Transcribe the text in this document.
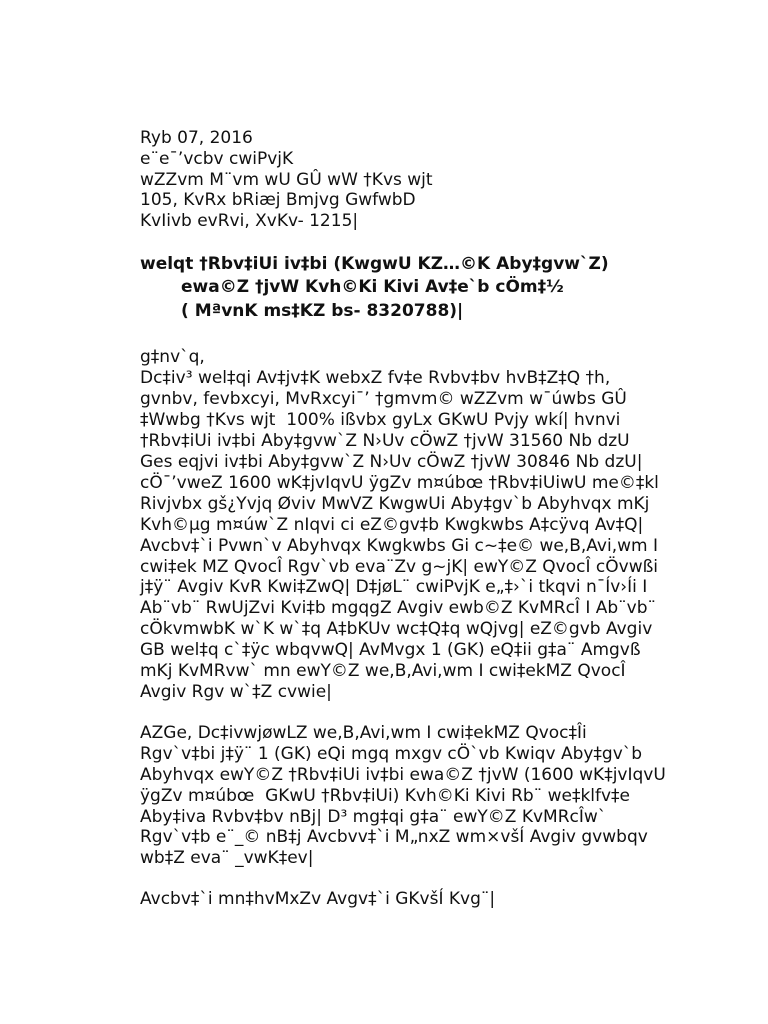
Ryb 07, 2016
e¨e¯’vcbv cwiPvjK
wZZvm M¨vm wU GÛ wW †Kvs wjt
105, KvRx bRiæj Bmjvg GwfwbD
KvIivb evRvi, XvKv- 1215|
welqt †Rbv‡iUi iv‡bi (KwgwU KZ…©K Aby‡gvw`Z)
ewa©Z †jvW Kvh©Ki Kivi Av‡e`b cÖm‡½
( MªvnK ms‡KZ bs- 8320788)|
g‡nv`q,
Dc‡iv³ wel‡qi Av‡jv‡K webxZ fv‡e Rvbv‡bv hvB‡Z‡Q †h,
gvnbv, fevbxcyi, MvRxcyi¯’ †gmvm© wZZvm w¯úwbs GÛ
‡Wwbg †Kvs wjt  100% ißvbx gyLx GKwU Pvjy wkí| hvnvi
†Rbv‡iUi iv‡bi Aby‡gvw`Z N›Uv cÖwZ †jvW 31560 Nb dzU
Ges eqjvi iv‡bi Aby‡gvw`Z N›Uv cÖwZ †jvW 30846 Nb dzU|
cÖ¯’vweZ 1600 wK‡jvIqvU ÿgZv m¤úbœ †Rbv‡iUiwU me©‡kl
Rivjvbx gš¿Yvjq Øviv MwVZ KwgwUi Aby‡gv`b Abyhvqx mKj
Kvh©µg m¤úw`Z nIqvi ci eZ©gv‡b Kwgkwbs A‡cÿvq Av‡Q|
Avcbv‡`i Pvwn`v Abyhvqx Kwgkwbs Gi c~‡e© we,B,Avi,wm I
cwi‡ek MZ QvocÎ Rgv`vb eva¨Zv g~jK| ewY©Z QvocÎ cÖvwßi
j‡ÿ¨ Avgiv KvR Kwi‡ZwQ| D‡jøL¨ cwiPvjK e„‡›`i tkqvi n¯Ív›Íi I
Ab¨vb¨ RwUjZvi Kvi‡b mgqgZ Avgiv ewb©Z KvMRcÎ I Ab¨vb¨
cÖkvmwbK w`K w`‡q A‡bKUv wc‡Q‡q wQjvg| eZ©gvb Avgiv
GB wel‡q c`‡ÿc wbqvwQ| AvMvgx 1 (GK) eQ‡ii g‡a¨ Amgvß
mKj KvMRvw` mn ewY©Z we,B,Avi,wm I cwi‡ekMZ QvocÎ
Avgiv Rgv w`‡Z cvwie|
AZGe, Dc‡ivwjøwLZ we,B,Avi,wm I cwi‡ekMZ Qvoc‡Îi
Rgv`v‡bi j‡ÿ¨ 1 (GK) eQi mgq mxgv cÖ`vb Kwiqv Aby‡gv`b
Abyhvqx ewY©Z †Rbv‡iUi iv‡bi ewa©Z †jvW (1600 wK‡jvIqvU
ÿgZv m¤úbœ  GKwU †Rbv‡iUi) Kvh©Ki Kivi Rb¨ we‡klfv‡e
Aby‡iva Rvbv‡bv nBj| D³ mg‡qi g‡a¨ ewY©Z KvMRcÎw`
Rgv`v‡b e¨_© nB‡j Avcbvv‡`i M„nxZ wm×všÍ Avgiv gvwbqv
wb‡Z eva¨ _vwK‡ev|
Avcbv‡`i mn‡hvMxZv Avgv‡`i GKvšÍ Kvg¨|
